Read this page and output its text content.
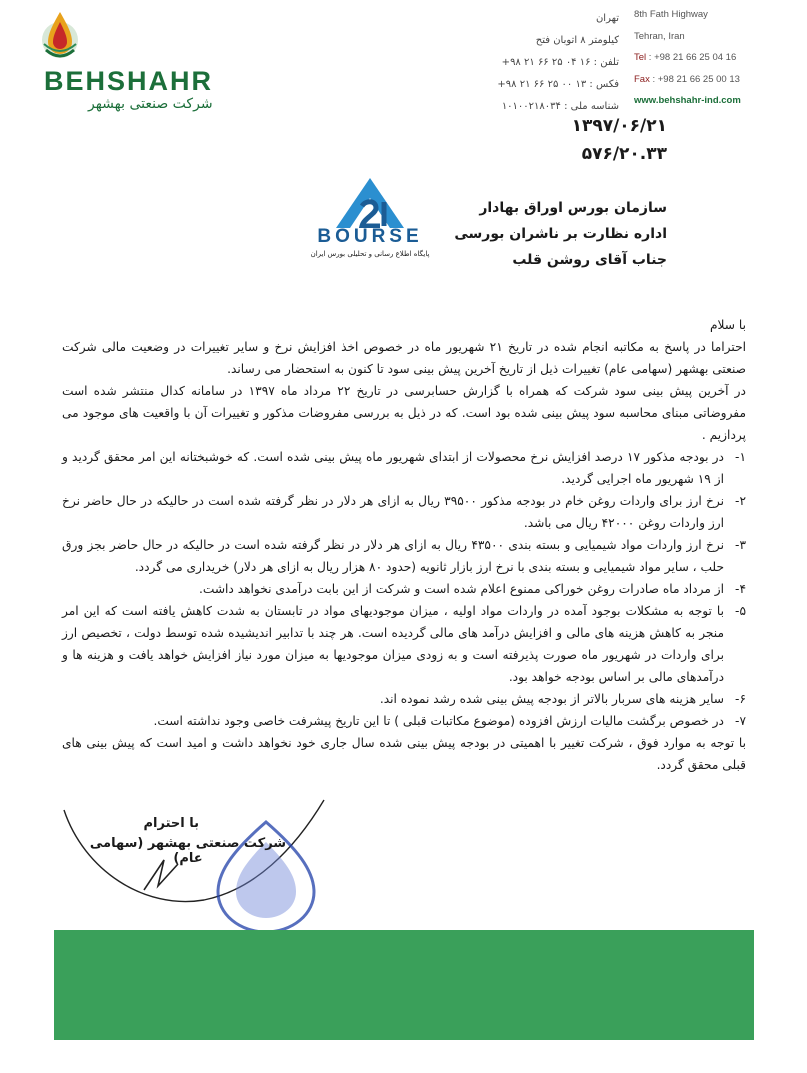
BEHSHAHR
شرکت صنعتی بهشهر
تهران
کیلومتر ۸ اتوبان فتح
تلفن : ۱۶ ۰۴ ۲۵ ۶۶ ۲۱ ۹۸+
فکس : ۱۳ ۰۰ ۲۵ ۶۶ ۲۱ ۹۸+
شناسه ملی : ۱۰۱۰۰۲۱۸۰۳۴
8th Fath Highway
Tehran, Iran
Tel : +98 21 66 25 04 16
Fax : +98 21 66 25 00 13
www.behshahr-ind.com
۱۳۹۷/۰۶/۲۱
۵۷۶/۲۰.۳۳
BOURSE
پایگاه اطلاع رسانی و تحلیلی بورس ایران
سازمان بورس اوراق بهادار
اداره نظارت بر ناشران بورسی
جناب آقای روشن قلب

با سلام

احتراما در پاسخ به مکاتبه انجام شده در تاریخ ۲۱ شهریور ماه در خصوص اخذ افزایش نرخ و سایر تغییرات در وضعیت مالی شرکت صنعتی بهشهر (سهامی عام) تغییرات ذیل از تاریخ آخرین پیش بینی سود تا کنون به استحضار می رساند.

در آخرین پیش بینی سود شرکت که همراه با گزارش حسابرسی در تاریخ ۲۲ مرداد ماه ۱۳۹۷ در سامانه کدال منتشر شده است مفروضاتی مبنای محاسبه سود پیش بینی شده بود است. که در ذیل به بررسی مفروضات مذکور و تغییرات آن با واقعیت های موجود می پردازیم .

۱-
در بودجه مذکور ۱۷ درصد افزایش نرخ محصولات از ابتدای شهریور ماه پیش بینی شده است. که خوشبختانه این امر محقق گردید و از ۱۹ شهریور ماه اجرایی گردید.
۲-
نرخ ارز برای واردات روغن خام در بودجه مذکور ۳۹۵۰۰ ریال به ازای هر دلار در نظر گرفته شده است در حالیکه در حال حاضر نرخ ارز واردات روغن ۴۲۰۰۰ ریال می باشد.
۳-
نرخ ارز واردات مواد شیمیایی و بسته بندی ۴۳۵۰۰ ریال به ازای هر دلار در نظر گرفته شده است در حالیکه در حال حاضر بجز ورق حلب ، سایر مواد شیمیایی و بسته بندی با نرخ ارز بازار ثانویه (حدود ۸۰ هزار ریال به ازای هر دلار) خریداری می گردد.
۴-
از مرداد ماه صادرات روغن خوراکی ممنوع اعلام شده است و شرکت از این بابت درآمدی نخواهد داشت.
۵-
با توجه به مشکلات بوجود آمده در واردات مواد اولیه ، میزان موجودیهای مواد در تابستان به شدت کاهش یافته است که این امر منجر به کاهش هزینه های مالی و افزایش درآمد های مالی گردیده است. هر چند با تدابیر اندیشیده شده توسط دولت ، تخصیص ارز برای واردات در شهریور ماه صورت پذیرفته است و به زودی میزان موجودیها به میزان مورد نیاز افزایش خواهد یافت و هزینه ها و درآمدهای مالی بر اساس بودجه خواهد بود.
۶-
سایر هزینه های سربار بالاتر از بودجه پیش بینی شده رشد نموده اند.
۷-
در خصوص برگشت مالیات ارزش افزوده (موضوع مکاتبات قبلی ) تا این تاریخ پیشرفت خاصی وجود نداشته است.

با توجه به موارد فوق ، شرکت تغییر با اهمیتی در بودجه پیش بینی شده سال جاری خود نخواهد داشت و امید است که پیش بینی های قبلی محقق گردد.

با احترام
شرکت صنعتی بهشهر (سهامی عام)
